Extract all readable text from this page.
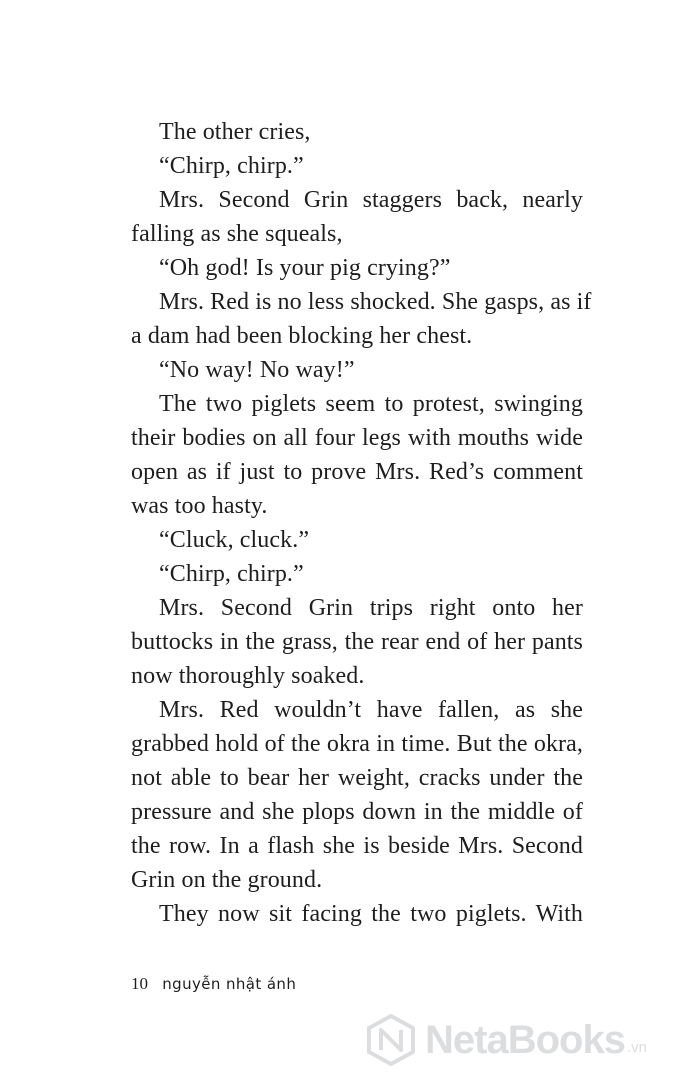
The other cries,
“Chirp, chirp.”
Mrs. Second Grin staggers back, nearly
falling as she squeals,
“Oh god! Is your pig crying?”
Mrs. Red is no less shocked. She gasps, as if
a dam had been blocking her chest.
“No way! No way!”
The two piglets seem to protest, swinging
their bodies on all four legs with mouths wide
open as if just to prove Mrs. Red’s comment
was too hasty.
“Cluck, cluck.”
“Chirp, chirp.”
Mrs. Second Grin trips right onto her
buttocks in the grass, the rear end of her pants
now thoroughly soaked.
Mrs. Red wouldn’t have fallen, as she
grabbed hold of the okra in time. But the okra,
not able to bear her weight, cracks under the
pressure and she plops down in the middle of
the row. In a flash she is beside Mrs. Second
Grin on the ground.
They now sit facing the two piglets. With
10 nguyễn nhật ánh
NetaBooks .vn
